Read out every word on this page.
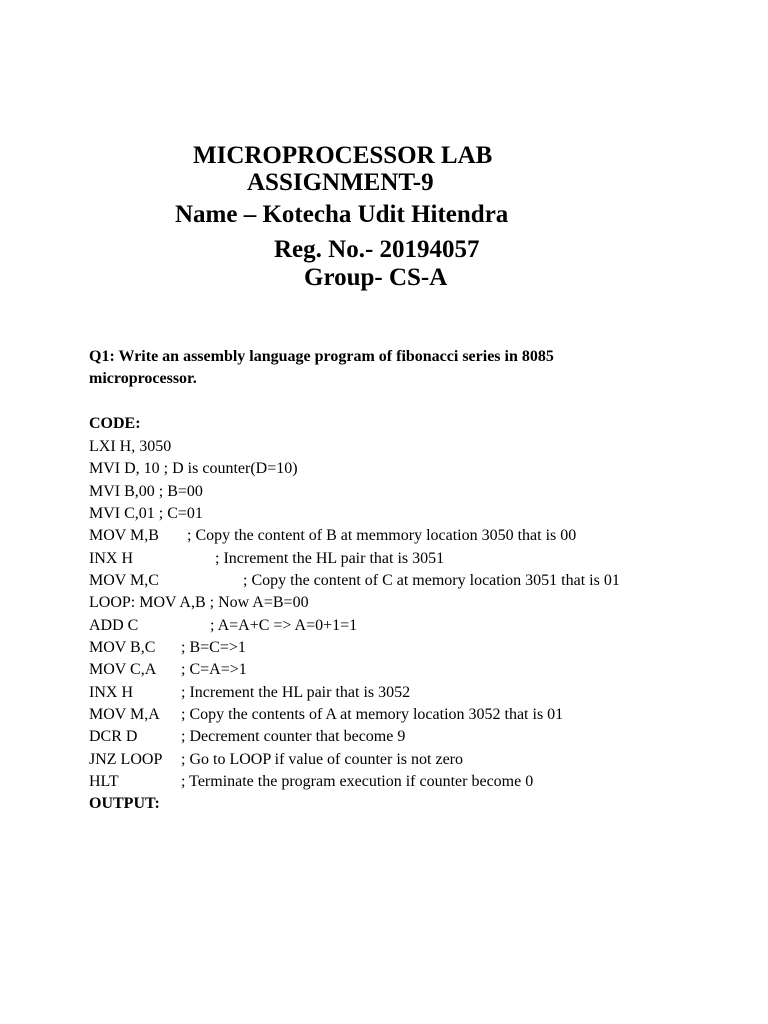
MICROPROCESSOR LAB

ASSIGNMENT-9

Name – Kotecha Udit Hitendra

Reg. No.- 20194057

Group- CS-A

Q1: Write an assembly language program of fibonacci series in 8085 microprocessor.

CODE:

LXI H, 3050
MVI D, 10 ; D is counter(D=10)
MVI B,00 ; B=00
MVI C,01 ; C=01
MOV M,B ; Copy the content of B at memmory location 3050 that is 00
INX H	; Increment the HL pair that is 3051
MOV M,C	; Copy the content of C at memory location 3051 that is 01
LOOP: MOV A,B ; Now A=B=00
ADD C	; A=A+C => A=0+1=1
MOV B,C ; B=C=>1
MOV C,A ; C=A=>1
INX H	; Increment the HL pair that is 3052
MOV M,A ; Copy the contents of A at memory location 3052 that is 01
DCR D	; Decrement counter that become 9
JNZ LOOP ; Go to LOOP if value of counter is not zero
HLT	; Terminate the program execution if counter become 0

OUTPUT:
